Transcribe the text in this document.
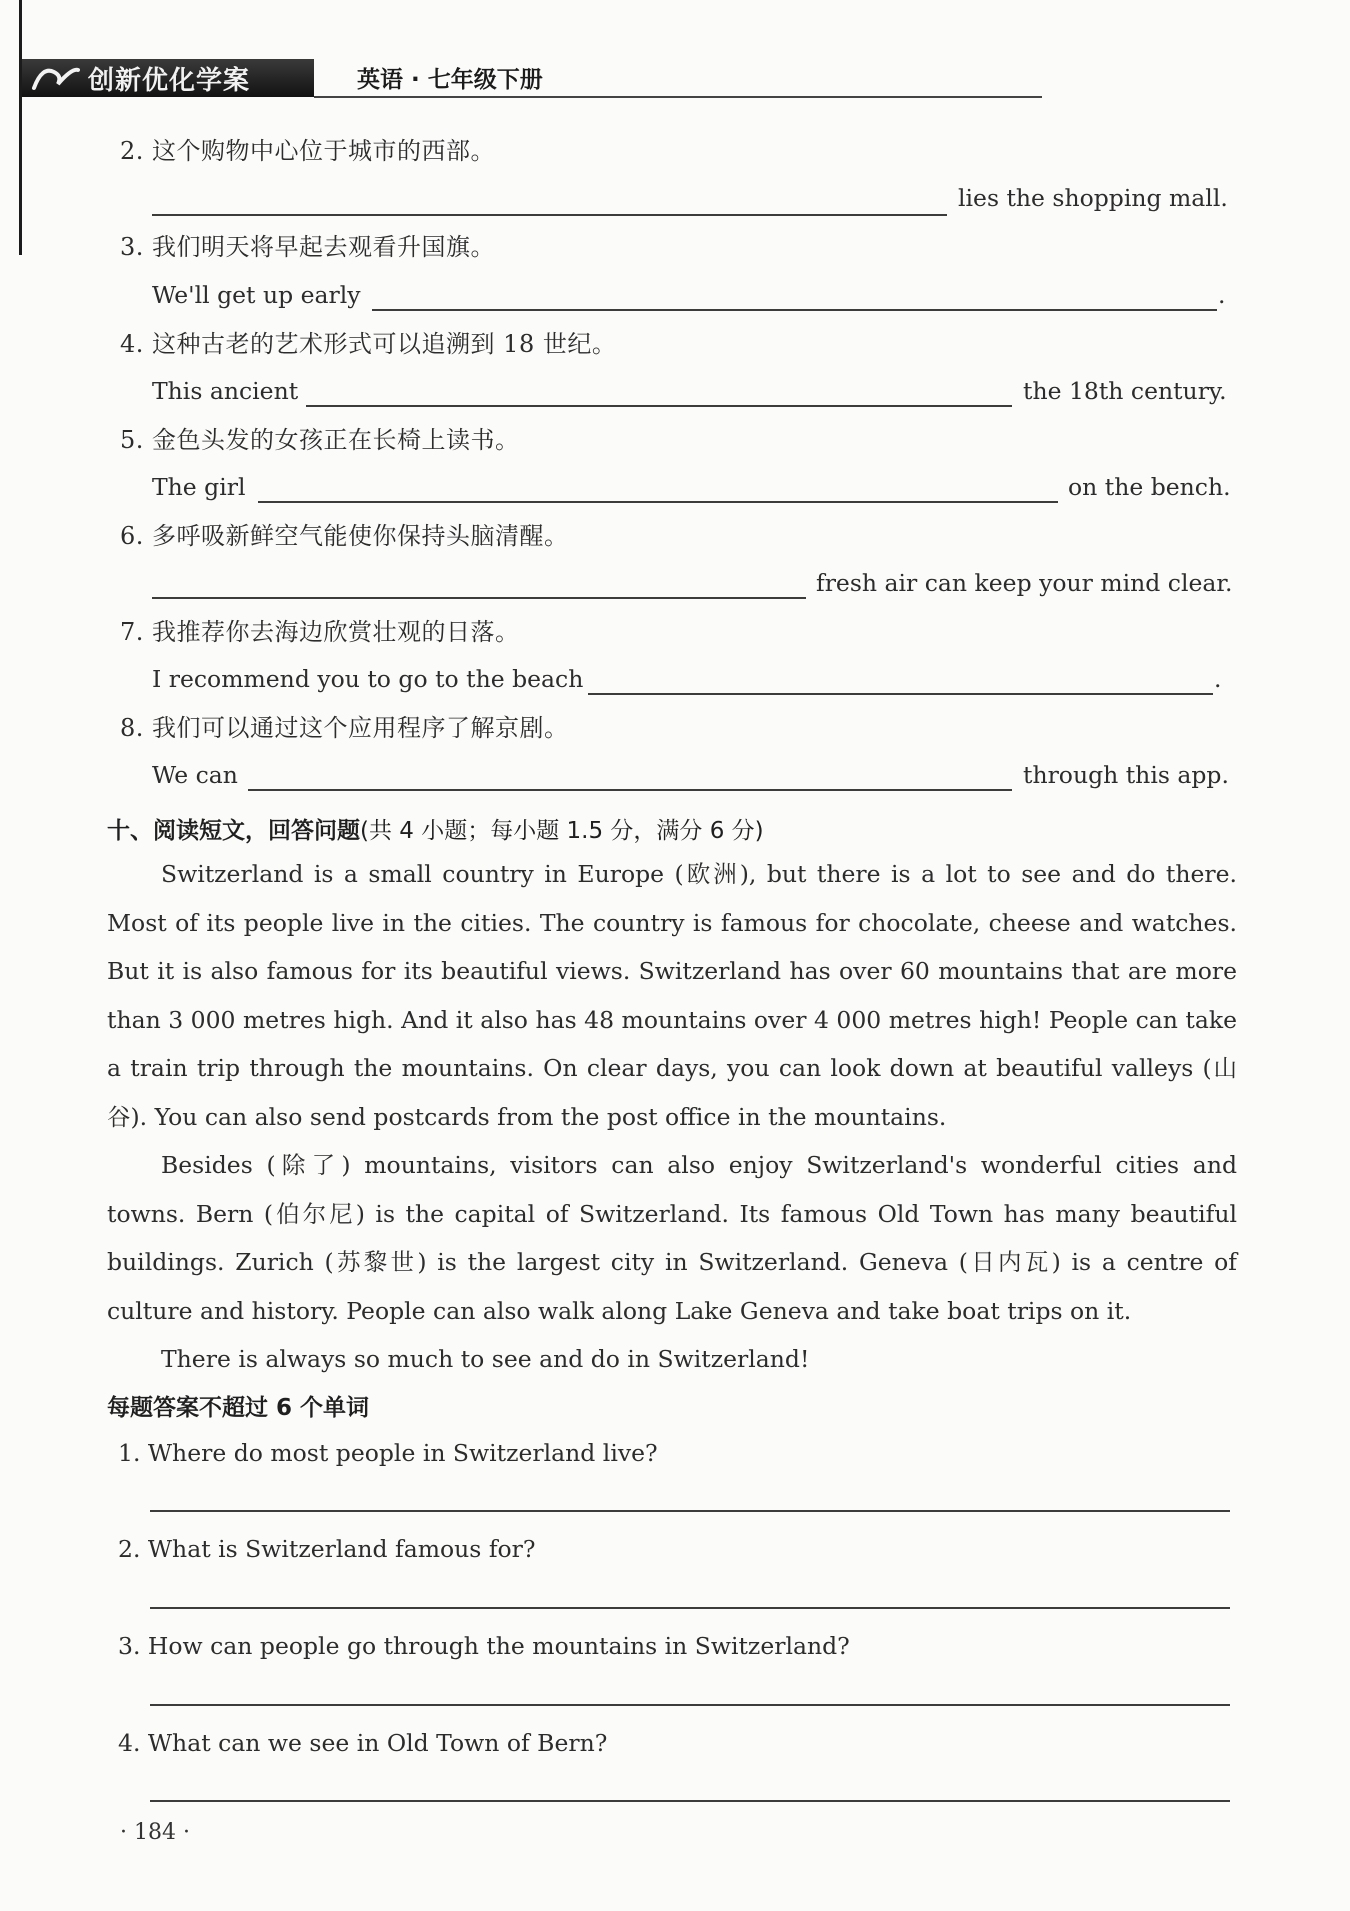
创新优化学案	英语 · 七年级下册
2. 这个购物中心位于城市的西部。
lies the shopping mall.
3. 我们明天将早起去观看升国旗。
We'll get up early	.
4. 这种古老的艺术形式可以追溯到 18 世纪。
This ancient	the 18th century.
5. 金色头发的女孩正在长椅上读书。
The girl	on the bench.
6. 多呼吸新鲜空气能使你保持头脑清醒。
fresh air can keep your mind clear.
7. 我推荐你去海边欣赏壮观的日落。
I recommend you to go to the beach	.
8. 我们可以通过这个应用程序了解京剧。
We can	through this app.
十、阅读短文，回答问题(共 4 小题；每小题 1.5 分，满分 6 分)
Switzerland is a small country in Europe (欧洲), but there is a lot to see and do there. Most of its people live in the cities. The country is famous for chocolate, cheese and watches. But it is also famous for its beautiful views. Switzerland has over 60 mountains that are more than 3 000 metres high. And it also has 48 mountains over 4 000 metres high! People can take a train trip through the mountains. On clear days, you can look down at beautiful valleys (山谷). You can also send postcards from the post office in the mountains.
Besides (除了) mountains, visitors can also enjoy Switzerland's wonderful cities and towns. Bern (伯尔尼) is the capital of Switzerland. Its famous Old Town has many beautiful buildings. Zurich (苏黎世) is the largest city in Switzerland. Geneva (日内瓦) is a centre of culture and history. People can also walk along Lake Geneva and take boat trips on it.
There is always so much to see and do in Switzerland!
每题答案不超过 6 个单词
1. Where do most people in Switzerland live?
2. What is Switzerland famous for?
3. How can people go through the mountains in Switzerland?
4. What can we see in Old Town of Bern?
· 184 ·
